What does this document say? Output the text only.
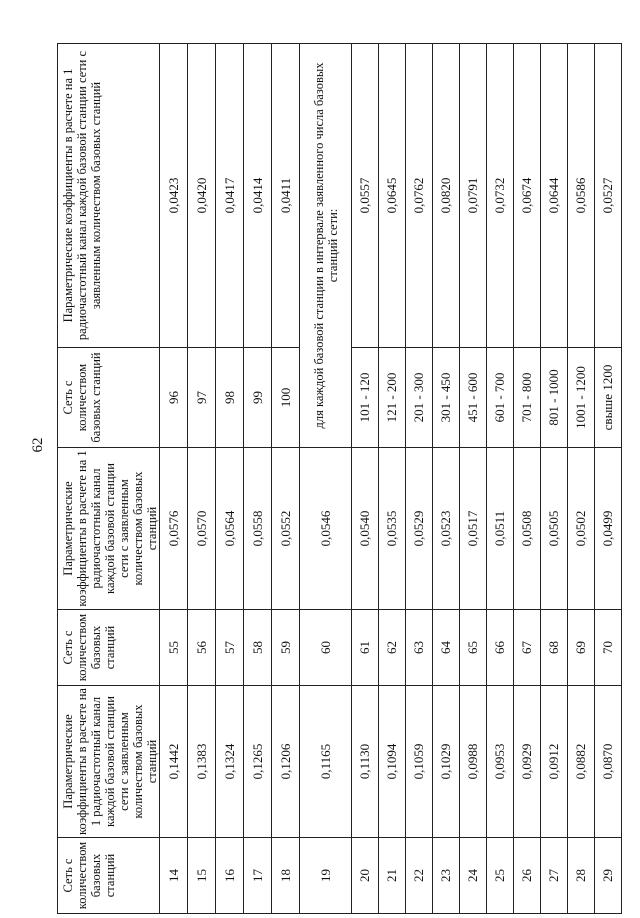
62
Сеть с количеством базовых станций	Параметрические коэффициенты в расчете на 1 радиочастотный канал каждой базовой станции сети с заявленным количеством базовых станций	Сеть с количеством базовых станций	Параметрические коэффициенты в расчете на 1 радиочастотный канал каждой базовой станции сети с заявленным количеством базовых станций	Сеть с количеством базовых станций	Параметрические коэффициенты в расчете на 1 радиочастотный канал каждой базовой станции сети с заявленным количеством базовых станций
14	0,1442	55	0,0576	96	0,0423
15	0,1383	56	0,0570	97	0,0420
16	0,1324	57	0,0564	98	0,0417
17	0,1265	58	0,0558	99	0,0414
18	0,1206	59	0,0552	100	0,0411
19	0,1165	60	0,0546	для каждой базовой станции в интервале заявленного числа базовых станций сети:	
20	0,1130	61	0,0540	101 - 120	0,0557
21	0,1094	62	0,0535	121 - 200	0,0645
22	0,1059	63	0,0529	201 - 300	0,0762
23	0,1029	64	0,0523	301 - 450	0,0820
24	0,0988	65	0,0517	451 - 600	0,0791
25	0,0953	66	0,0511	601 - 700	0,0732
26	0,0929	67	0,0508	701 - 800	0,0674
27	0,0912	68	0,0505	801 - 1000	0,0644
28	0,0882	69	0,0502	1001 - 1200	0,0586
29	0,0870	70	0,0499	свыше 1200	0,0527
